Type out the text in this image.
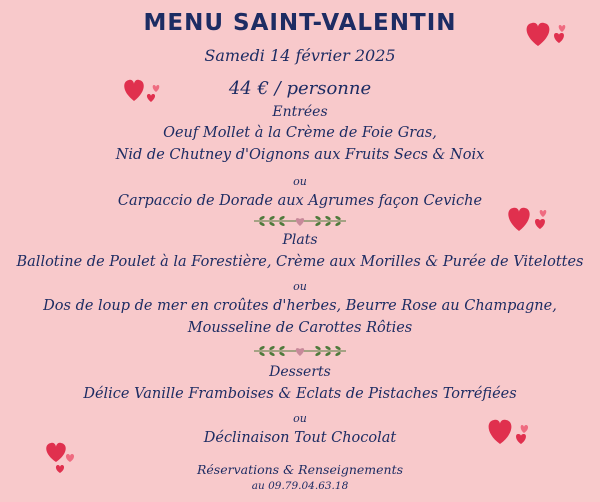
MENU SAINT-VALENTIN
Samedi 14 février 2025
44 € / personne
Entrées
Oeuf Mollet à la Crème de Foie Gras,
Nid de Chutney d'Oignons aux Fruits Secs & Noix
ou
Carpaccio de Dorade aux Agrumes façon Ceviche
Plats
Ballotine de Poulet à la Forestière, Crème aux Morilles & Purée de Vitelottes
ou
Dos de loup de mer en croûtes d'herbes, Beurre Rose au Champagne,
Mousseline de Carottes Rôties
Desserts
Délice Vanille Framboises & Eclats de Pistaches Torréfiées
ou
Déclinaison Tout Chocolat
Réservations & Renseignements
au 09.79.04.63.18
